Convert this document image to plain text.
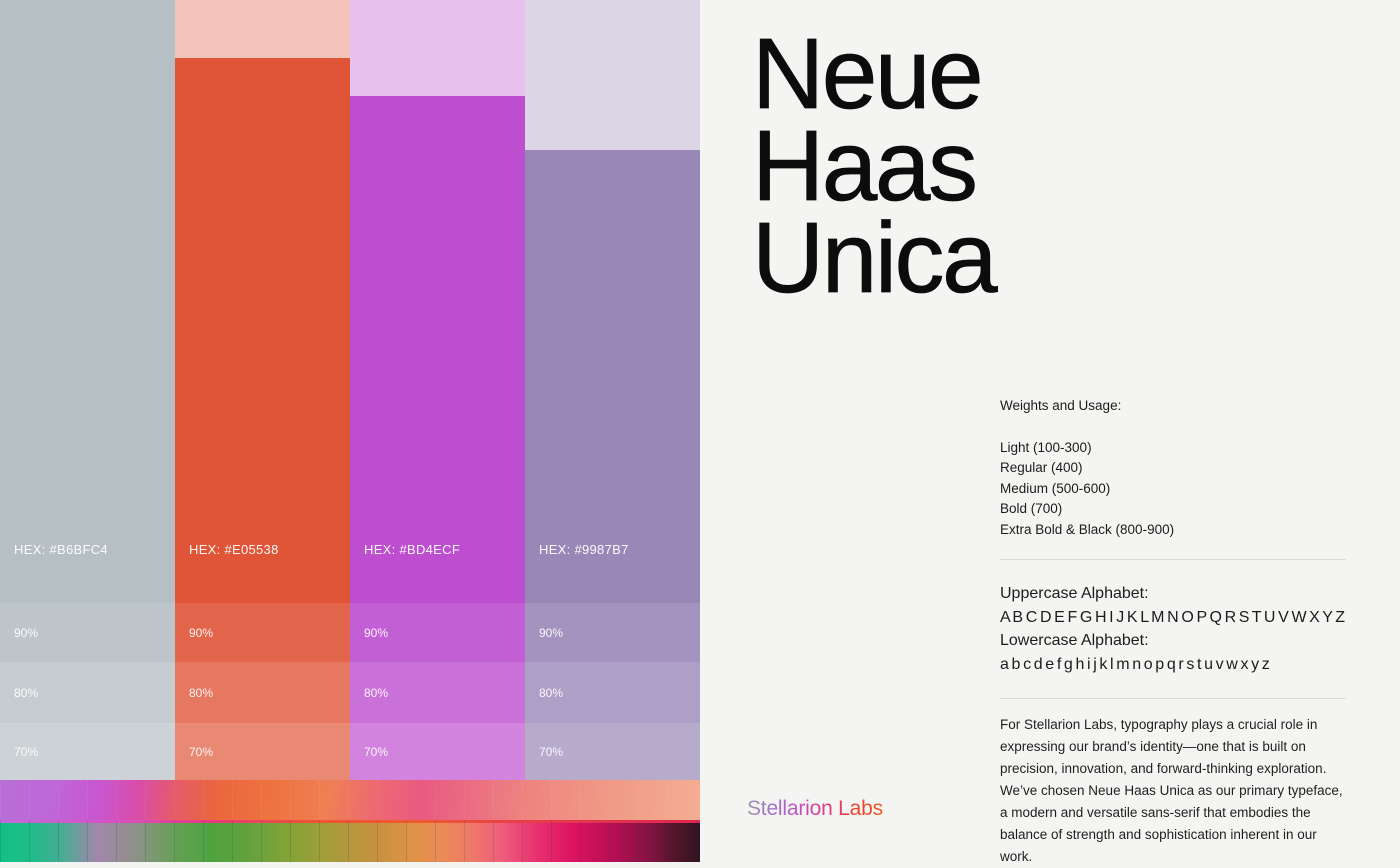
HEX: #B6BFC4
90%
80%
70%
HEX: #E05538
90%
80%
70%
HEX: #BD4ECF
90%
80%
70%
HEX: #9987B7
90%
80%
70%
Neue
Haas
Unica

Weights and Usage:

Light (100-300)
Regular (400)
Medium (500-600)
Bold (700)
Extra Bold & Black (800-900)

Uppercase Alphabet:

A B C D E F G H I J K L M N O P Q R S T U V W X Y Z

Lowercase Alphabet:

a b c d e f g h i j k l m n o p q r s t u v w x y z

For Stellarion Labs, typography plays a crucial role in expressing our brand’s identity—one that is built on precision, innovation, and forward-thinking exploration. We’ve chosen Neue Haas Unica as our primary typeface, a modern and versatile sans-serif that embodies the balance of strength and sophistication inherent in our work.

Stellarion Labs
